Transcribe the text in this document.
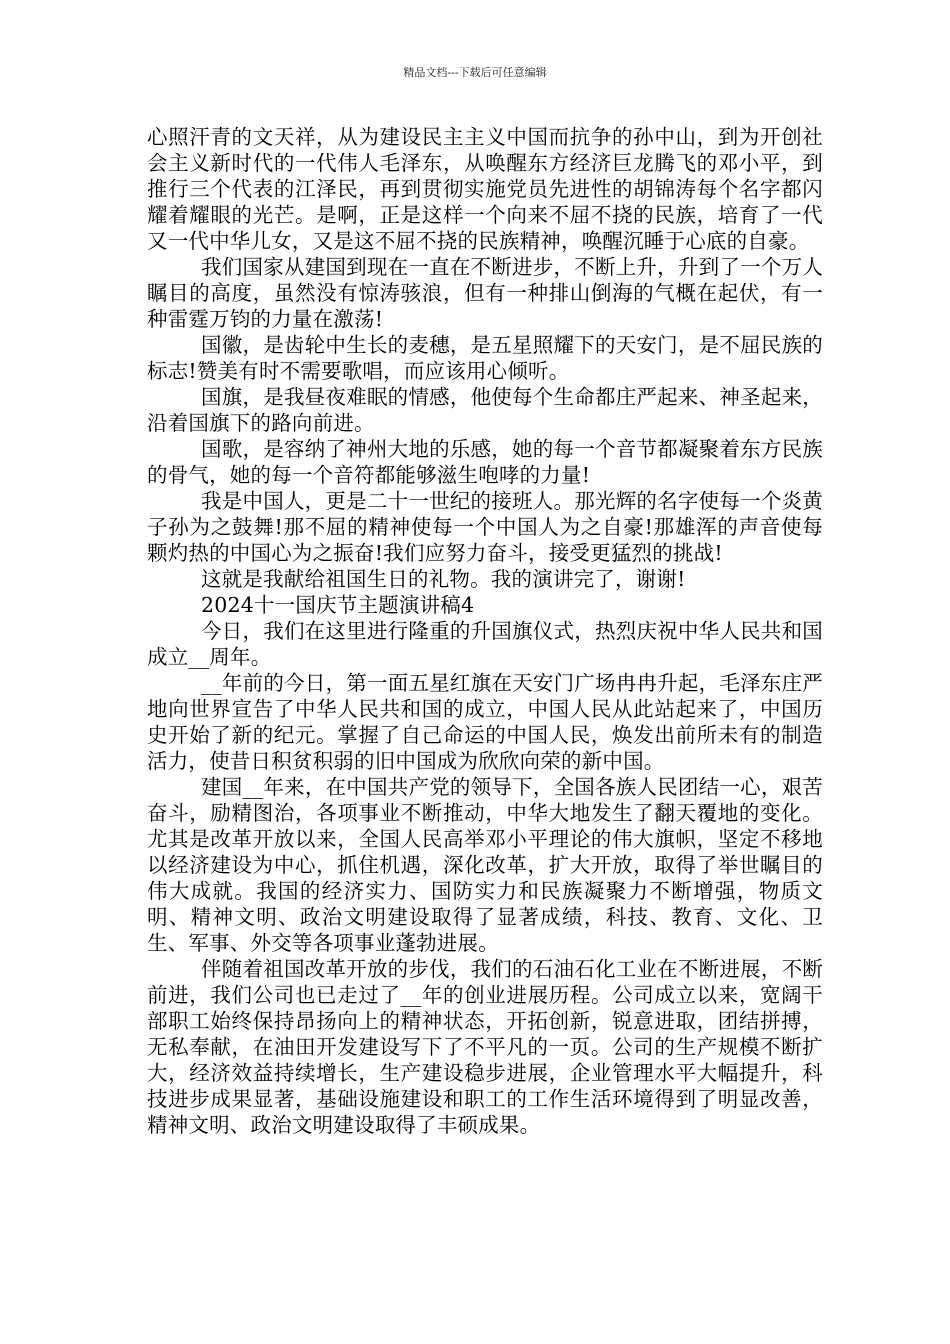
精品文档---下载后可任意编辑

心照汗青的文天祥，从为建设民主主义中国而抗争的孙中山，到为开创社会主义新时代的一代伟人毛泽东，从唤醒东方经济巨龙腾飞的邓小平，到推行三个代表的江泽民，再到贯彻实施党员先进性的胡锦涛每个名字都闪耀着耀眼的光芒。是啊，正是这样一个向来不屈不挠的民族，培育了一代又一代中华儿女，又是这不屈不挠的民族精神，唤醒沉睡于心底的自豪。

我们国家从建国到现在一直在不断进步，不断上升，升到了一个万人瞩目的高度，虽然没有惊涛骇浪，但有一种排山倒海的气概在起伏，有一种雷霆万钧的力量在激荡!

国徽，是齿轮中生长的麦穗，是五星照耀下的天安门，是不屈民族的标志!赞美有时不需要歌唱，而应该用心倾听。

国旗，是我昼夜难眠的情感，他使每个生命都庄严起来、神圣起来，沿着国旗下的路向前进。

国歌，是容纳了神州大地的乐感，她的每一个音节都凝聚着东方民族的骨气，她的每一个音符都能够滋生咆哮的力量!

我是中国人，更是二十一世纪的接班人。那光辉的名字使每一个炎黄子孙为之鼓舞!那不屈的精神使每一个中国人为之自豪!那雄浑的声音使每颗灼热的中国心为之振奋!我们应努力奋斗，接受更猛烈的挑战!

这就是我献给祖国生日的礼物。我的演讲完了，谢谢!

2024十一国庆节主题演讲稿4

今日，我们在这里进行隆重的升国旗仪式，热烈庆祝中华人民共和国成立__周年。

__年前的今日，第一面五星红旗在天安门广场冉冉升起，毛泽东庄严地向世界宣告了中华人民共和国的成立，中国人民从此站起来了，中国历史开始了新的纪元。掌握了自己命运的中国人民，焕发出前所未有的制造活力，使昔日积贫积弱的旧中国成为欣欣向荣的新中国。

建国__年来，在中国共产党的领导下，全国各族人民团结一心，艰苦奋斗，励精图治，各项事业不断推动，中华大地发生了翻天覆地的变化。尤其是改革开放以来，全国人民高举邓小平理论的伟大旗帜，坚定不移地以经济建设为中心，抓住机遇，深化改革，扩大开放，取得了举世瞩目的伟大成就。我国的经济实力、国防实力和民族凝聚力不断增强，物质文明、精神文明、政治文明建设取得了显著成绩，科技、教育、文化、卫生、军事、外交等各项事业蓬勃进展。

伴随着祖国改革开放的步伐，我们的石油石化工业在不断进展，不断前进，我们公司也已走过了__年的创业进展历程。公司成立以来，宽阔干部职工始终保持昂扬向上的精神状态，开拓创新，锐意进取，团结拼搏，无私奉献，在油田开发建设写下了不平凡的一页。公司的生产规模不断扩大，经济效益持续增长，生产建设稳步进展，企业管理水平大幅提升，科技进步成果显著，基础设施建设和职工的工作生活环境得到了明显改善，精神文明、政治文明建设取得了丰硕成果。
